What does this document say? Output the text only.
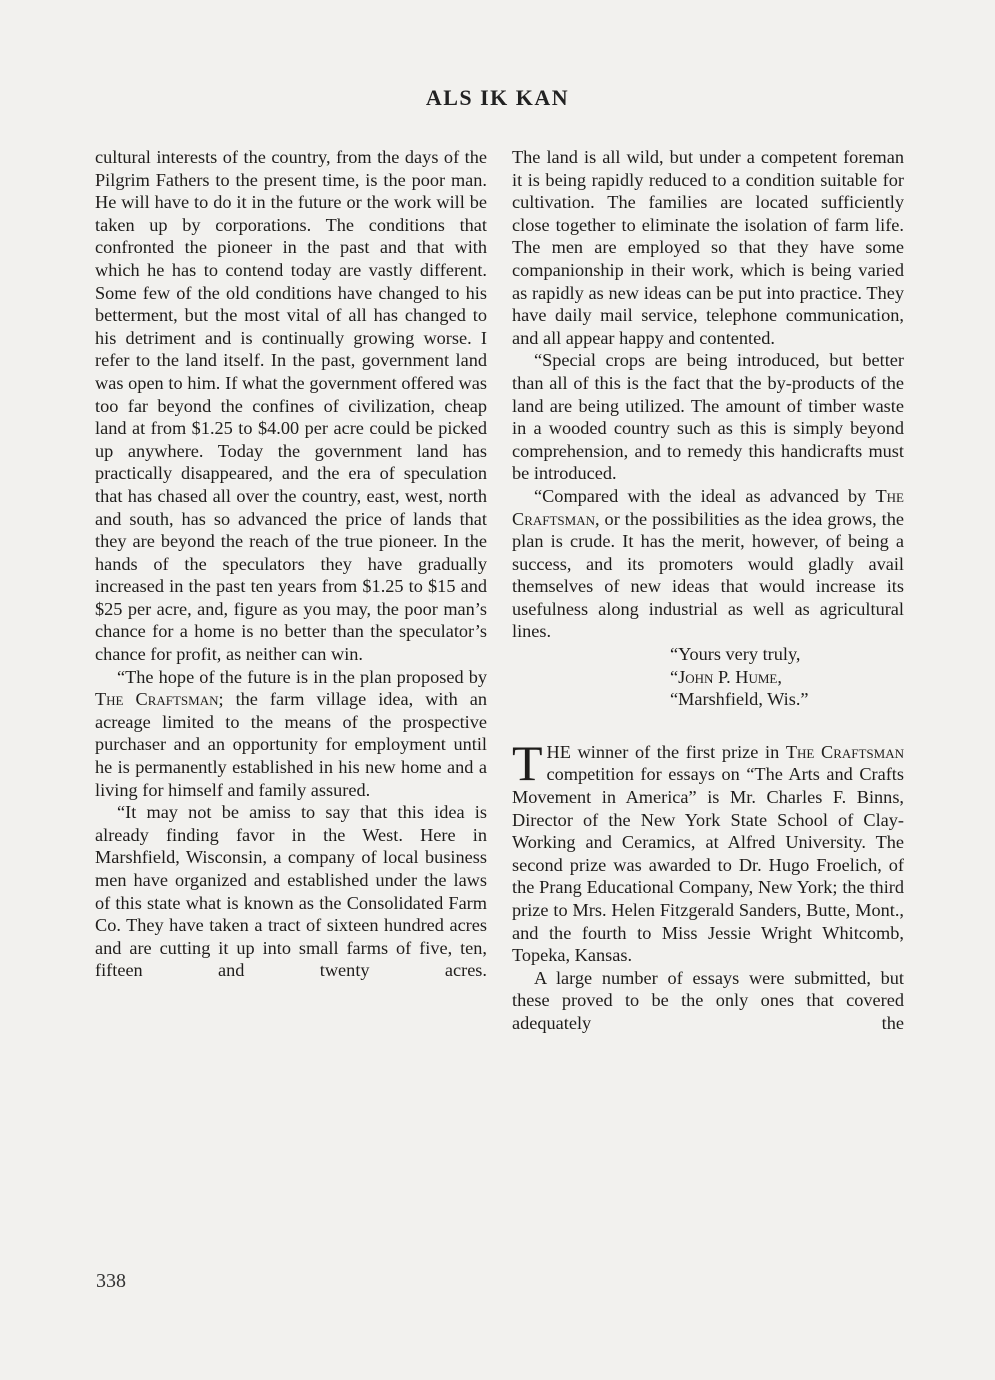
ALS IK KAN

cultural interests of the country, from the days of the Pilgrim Fathers to the present time, is the poor man. He will have to do it in the future or the work will be taken up by corporations. The conditions that confronted the pioneer in the past and that with which he has to contend today are vastly different. Some few of the old conditions have changed to his betterment, but the most vital of all has changed to his detriment and is continually growing worse. I refer to the land itself. In the past, government land was open to him. If what the government offered was too far beyond the confines of civilization, cheap land at from $1.25 to $4.00 per acre could be picked up anywhere. Today the government land has practically disappeared, and the era of speculation that has chased all over the country, east, west, north and south, has so advanced the price of lands that they are beyond the reach of the true pioneer. In the hands of the speculators they have gradually increased in the past ten years from $1.25 to $15 and $25 per acre, and, figure as you may, the poor man’s chance for a home is no better than the speculator’s chance for profit, as neither can win.

“The hope of the future is in the plan proposed by The Craftsman; the farm village idea, with an acreage limited to the means of the prospective purchaser and an opportunity for employment until he is permanently established in his new home and a living for himself and family assured.

“It may not be amiss to say that this idea is already finding favor in the West. Here in Marshfield, Wisconsin, a company of local business men have organized and established under the laws of this state what is known as the Consolidated Farm Co. They have taken a tract of sixteen hundred acres and are cutting it up into small farms of five, ten, fifteen and twenty acres.

The land is all wild, but under a competent foreman it is being rapidly reduced to a condition suitable for cultivation. The families are located sufficiently close together to eliminate the isolation of farm life. The men are employed so that they have some companionship in their work, which is being varied as rapidly as new ideas can be put into practice. They have daily mail service, telephone communication, and all appear happy and contented.

“Special crops are being introduced, but better than all of this is the fact that the by-products of the land are being utilized. The amount of timber waste in a wooded country such as this is simply beyond comprehension, and to remedy this handicrafts must be introduced.

“Compared with the ideal as advanced by The Craftsman, or the possibilities as the idea grows, the plan is crude. It has the merit, however, of being a success, and its promoters would gladly avail themselves of new ideas that would increase its usefulness along industrial as well as agricultural lines.

“Yours very truly,
“John P. Hume,
“Marshfield, Wis.”

THE winner of the first prize in The Craftsman competition for essays on “The Arts and Crafts Movement in America” is Mr. Charles F. Binns, Director of the New York State School of Clay-Working and Ceramics, at Alfred University. The second prize was awarded to Dr. Hugo Froelich, of the Prang Educational Company, New York; the third prize to Mrs. Helen Fitzgerald Sanders, Butte, Mont., and the fourth to Miss Jessie Wright Whitcomb, Topeka, Kansas.

A large number of essays were submitted, but these proved to be the only ones that covered adequately the

338
